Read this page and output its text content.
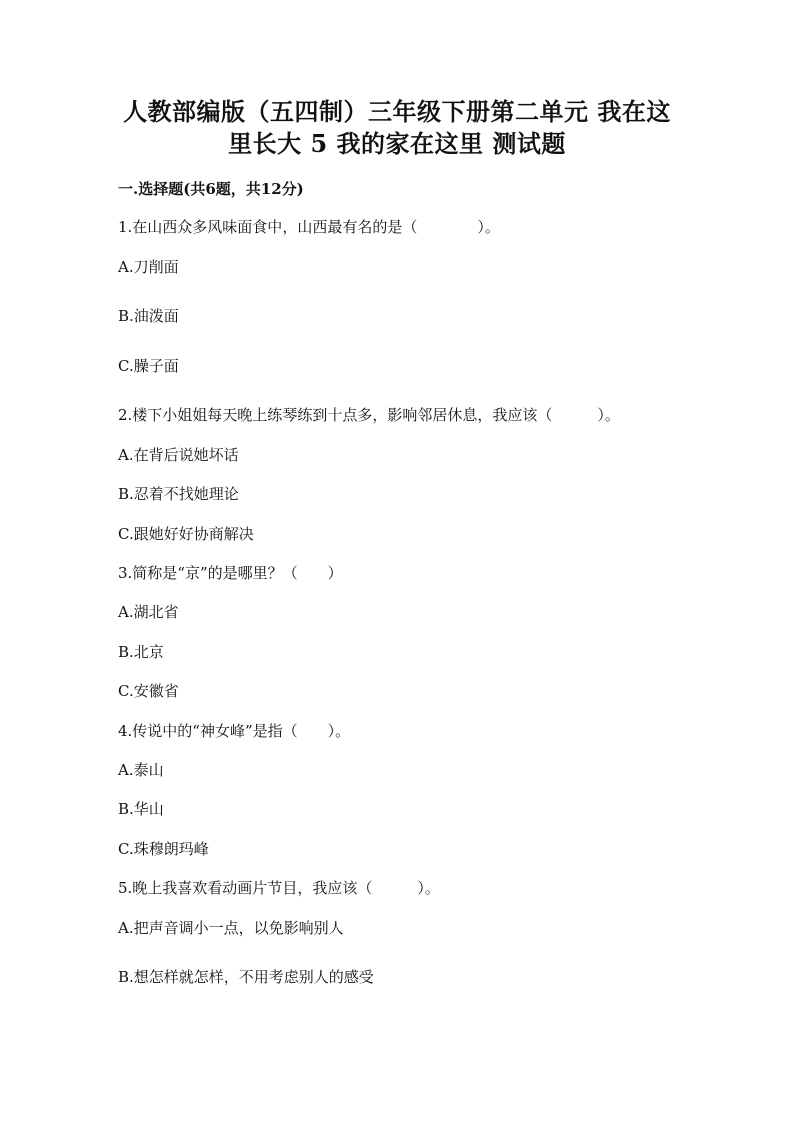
人教部编版（五四制）三年级下册第二单元 我在这
里长大 5 我的家在这里 测试题

一.选择题(共6题，共12分)

1.在山西众多风味面食中，山西最有名的是（　　　　）。

A.刀削面

B.油泼面

C.臊子面

2.楼下小姐姐每天晚上练琴练到十点多，影响邻居休息，我应该（　　　）。

A.在背后说她坏话

B.忍着不找她理论

C.跟她好好协商解决

3.简称是“京”的是哪里？（　　）

A.湖北省

B.北京

C.安徽省

4.传说中的“神女峰”是指（　　）。

A.泰山

B.华山

C.珠穆朗玛峰

5.晚上我喜欢看动画片节目，我应该（　　　）。

A.把声音调小一点，以免影响别人

B.想怎样就怎样，不用考虑别人的感受
